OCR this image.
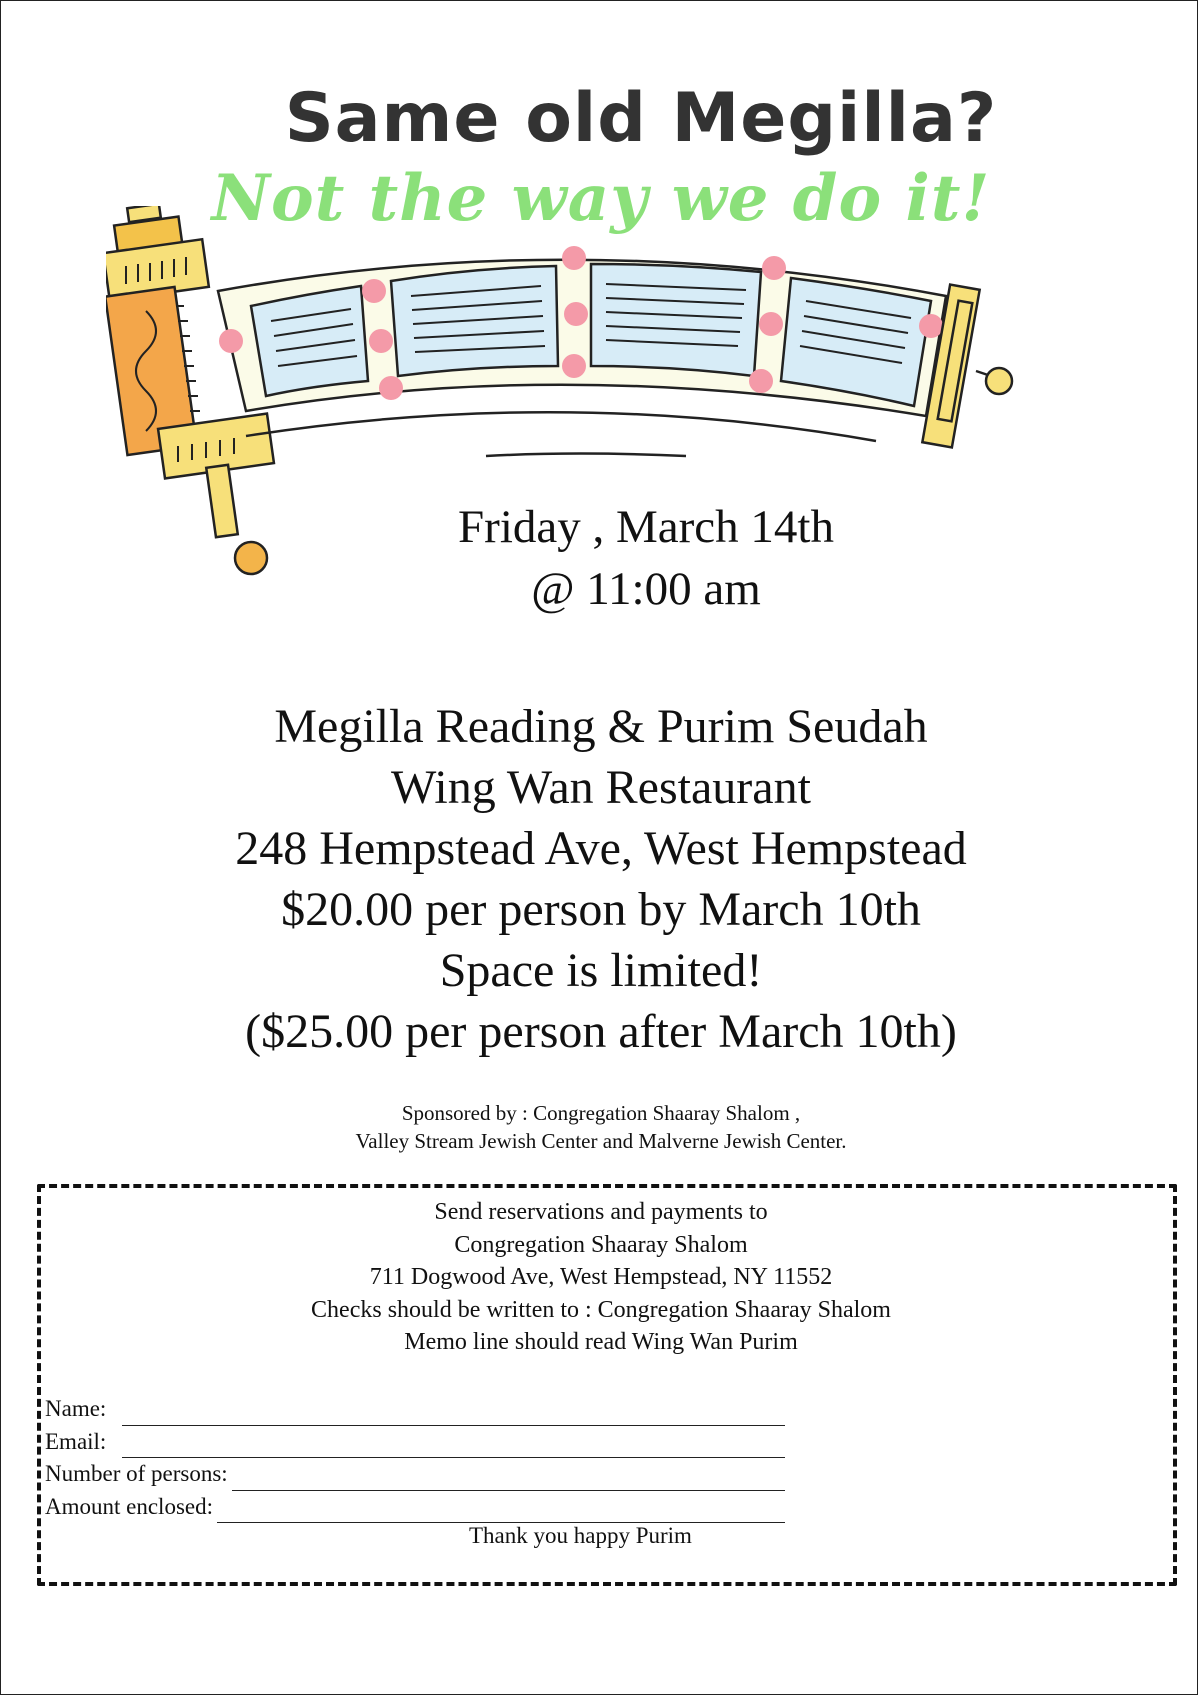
Same old Megilla?
Not the way we do it!
Friday , March 14th
@ 11:00 am
Megilla Reading & Purim Seudah
Wing Wan Restaurant
248 Hempstead Ave, West Hempstead
$20.00 per person by March 10th
Space is limited!
($25.00 per person after March 10th)
Sponsored by : Congregation Shaaray Shalom ,
Valley Stream Jewish Center and Malverne Jewish Center.
Send reservations and payments to
Congregation Shaaray Shalom
711 Dogwood Ave, West Hempstead, NY 11552
Checks should be written to : Congregation Shaaray Shalom
Memo line should read Wing Wan Purim
Name:
Email:
Number of persons:
Amount enclosed:
Thank you happy Purim
